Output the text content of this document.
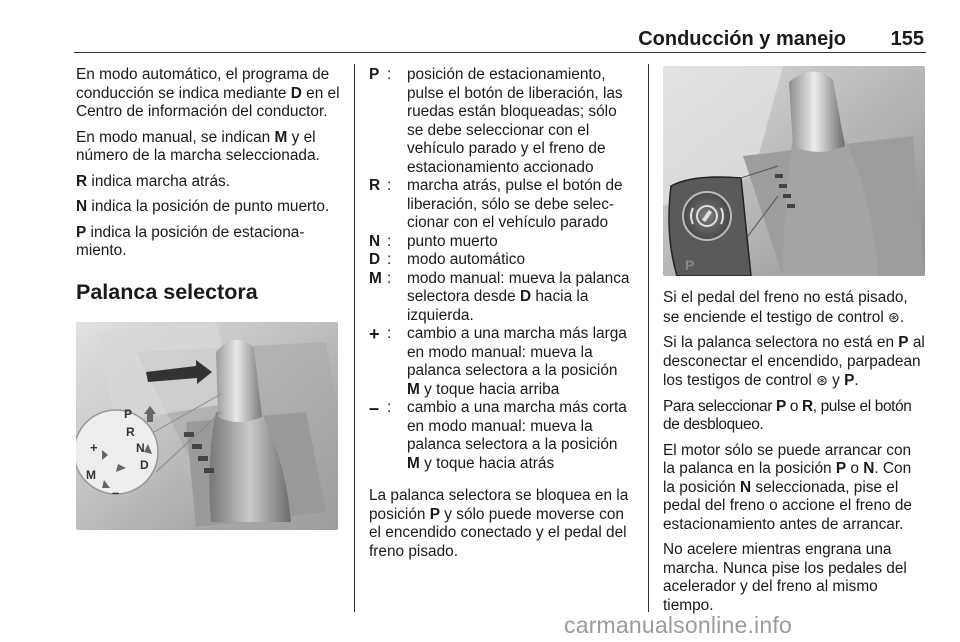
Conducción y manejo 155

En modo automático, el programa de conducción se indica mediante D en el Centro de información del conductor.

En modo manual, se indican M y el número de la marcha seleccionada.

R indica marcha atrás.

N indica la posición de punto muerto.

P indica la posición de estacionamiento.

Palanca selectora
P
R
N
D
M
+
–
P :	posición de estacionamiento, pulse el botón de liberación, las ruedas están bloqueadas; sólo se debe seleccionar con el vehículo parado y el freno de estacionamiento accionado
R :	marcha atrás, pulse el botón de liberación, sólo se debe seleccionar con el vehículo parado
N :	punto muerto
D :	modo automático
M :	modo manual: mueva la palanca selectora desde D hacia la izquierda.
+ :	cambio a una marcha más larga en modo manual: mueva la palanca selectora a la posición M y toque hacia arriba
– :	cambio a una marcha más corta en modo manual: mueva la palanca selectora a la posición M y toque hacia atrás

La palanca selectora se bloquea en la posición P y sólo puede moverse con el encendido conectado y el pedal del freno pisado.

P

Si el pedal del freno no está pisado, se enciende el testigo de control ⊛.

Si la palanca selectora no está en P al desconectar el encendido, parpadean los testigos de control ⊛ y P.

Para seleccionar P o R, pulse el botón de desbloqueo.

El motor sólo se puede arrancar con la palanca en la posición P o N. Con la posición N seleccionada, pise el pedal del freno o accione el freno de estacionamiento antes de arrancar.

No acelere mientras engrana una marcha. Nunca pise los pedales del acelerador y del freno al mismo tiempo.

carmanualsonline.info
